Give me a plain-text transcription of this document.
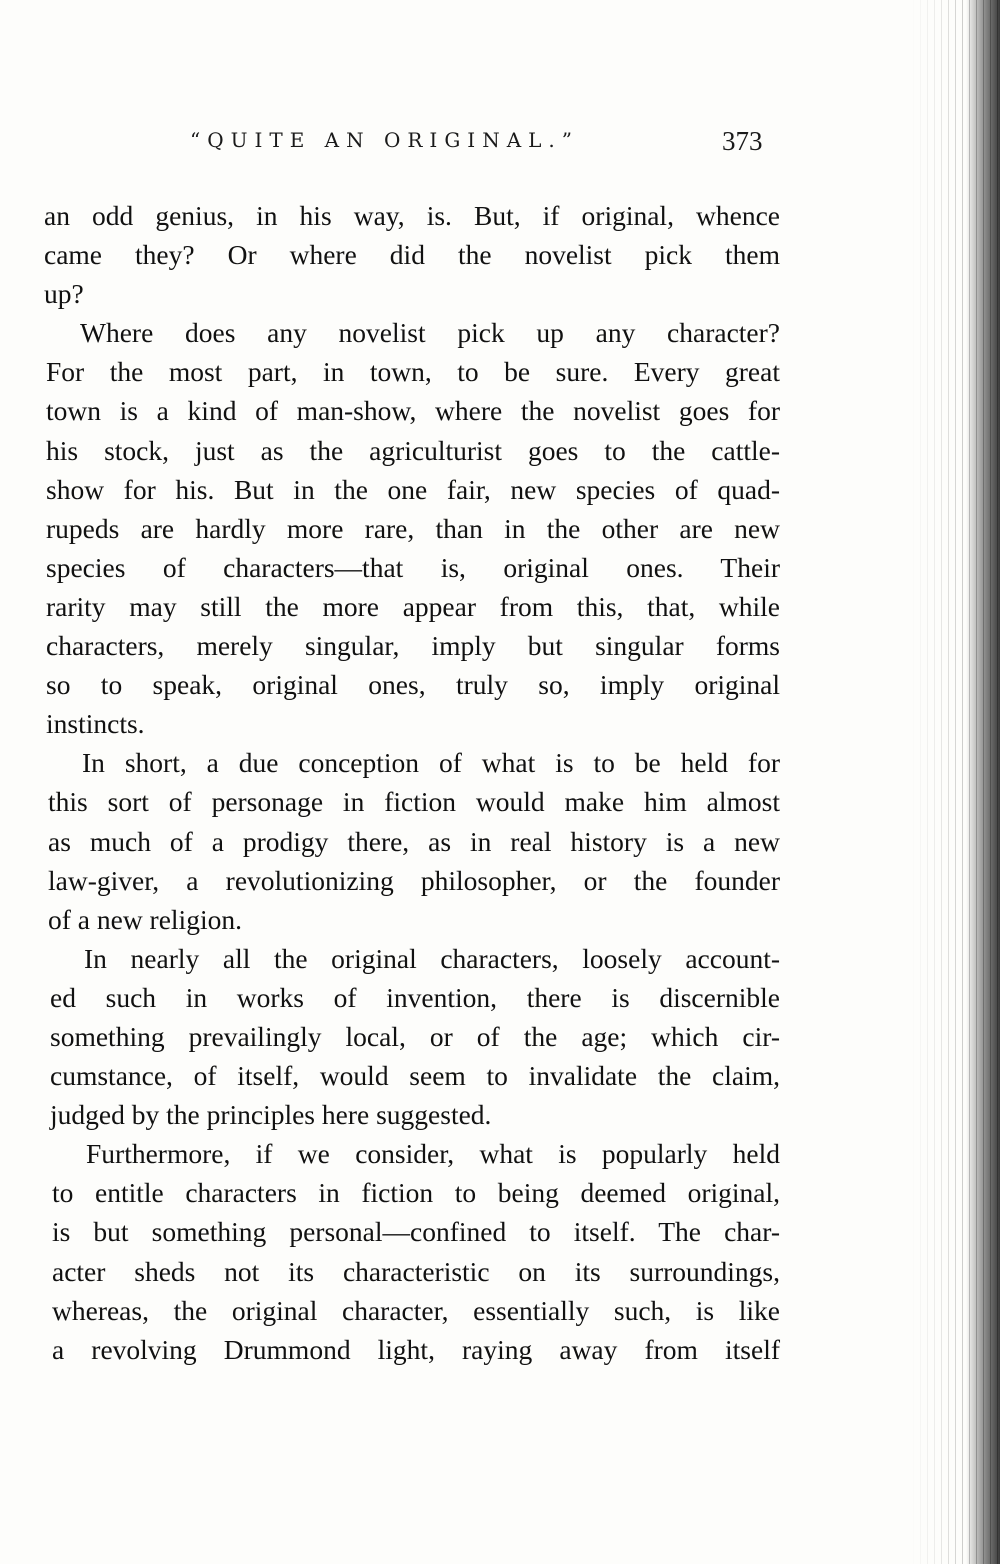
“QUITE AN ORIGINAL.”	373

an odd genius, in his way, is. But, if original, whence
came they? Or where did the novelist pick them
up?

Where does any novelist pick up any character?
For the most part, in town, to be sure. Every great
town is a kind of man-show, where the novelist goes for
his stock, just as the agriculturist goes to the cattle-
show for his. But in the one fair, new species of quad-
rupeds are hardly more rare, than in the other are new
species of characters—that is, original ones. Their
rarity may still the more appear from this, that, while
characters, merely singular, imply but singular forms
so to speak, original ones, truly so, imply original
instincts.

In short, a due conception of what is to be held for
this sort of personage in fiction would make him almost
as much of a prodigy there, as in real history is a new
law-giver, a revolutionizing philosopher, or the founder
of a new religion.

In nearly all the original characters, loosely account-
ed such in works of invention, there is discernible
something prevailingly local, or of the age; which cir-
cumstance, of itself, would seem to invalidate the claim,
judged by the principles here suggested.

Furthermore, if we consider, what is popularly held
to entitle characters in fiction to being deemed original,
is but something personal—confined to itself. The char-
acter sheds not its characteristic on its surroundings,
whereas, the original character, essentially such, is like
a revolving Drummond light, raying away from itself
